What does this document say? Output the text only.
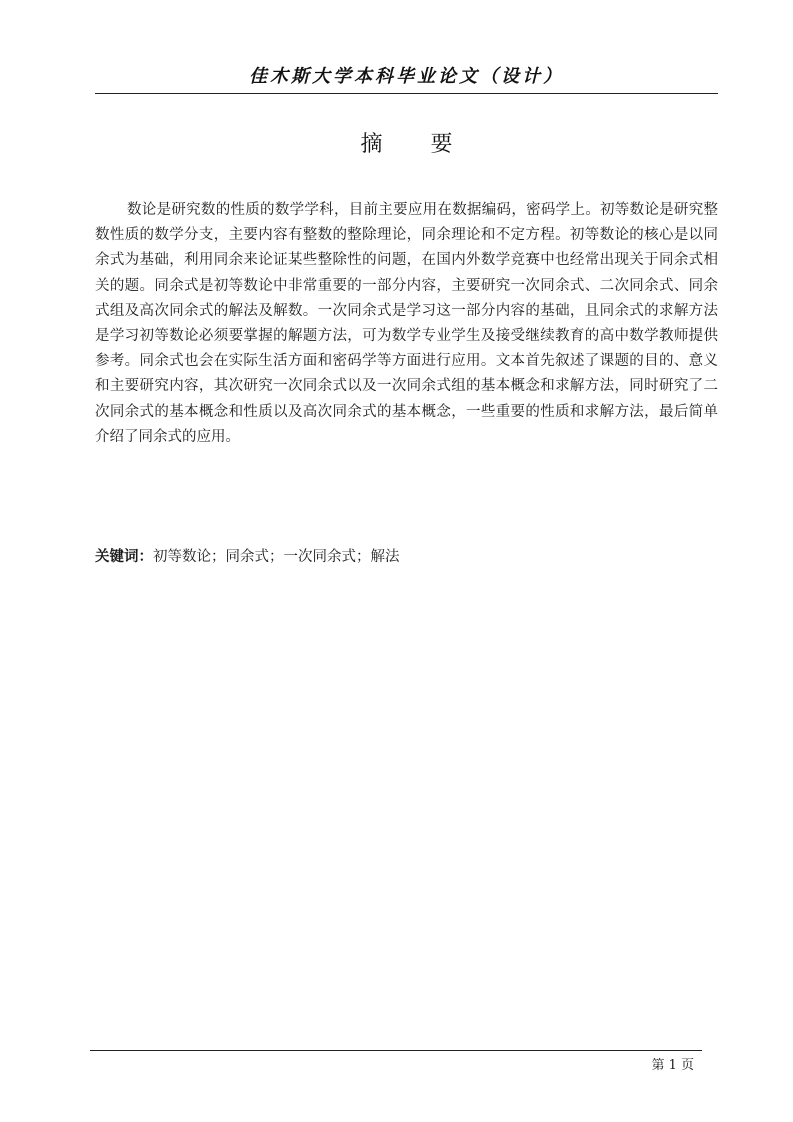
佳木斯大学本科毕业论文（设计）
摘要

数论是研究数的性质的数学学科，目前主要应用在数据编码，密码学上。初等数论是研究整数性质的数学分支，主要内容有整数的整除理论，同余理论和不定方程。初等数论的核心是以同余式为基础，利用同余来论证某些整除性的问题，在国内外数学竞赛中也经常出现关于同余式相关的题。同余式是初等数论中非常重要的一部分内容，主要研究一次同余式、二次同余式、同余式组及高次同余式的解法及解数。一次同余式是学习这一部分内容的基础，且同余式的求解方法是学习初等数论必须要掌握的解题方法，可为数学专业学生及接受继续教育的高中数学教师提供参考。同余式也会在实际生活方面和密码学等方面进行应用。文本首先叙述了课题的目的、意义和主要研究内容，其次研究一次同余式以及一次同余式组的基本概念和求解方法，同时研究了二次同余式的基本概念和性质以及高次同余式的基本概念，一些重要的性质和求解方法，最后简单介绍了同余式的应用。

关键词：初等数论；同余式；一次同余式；解法
第 1 页
